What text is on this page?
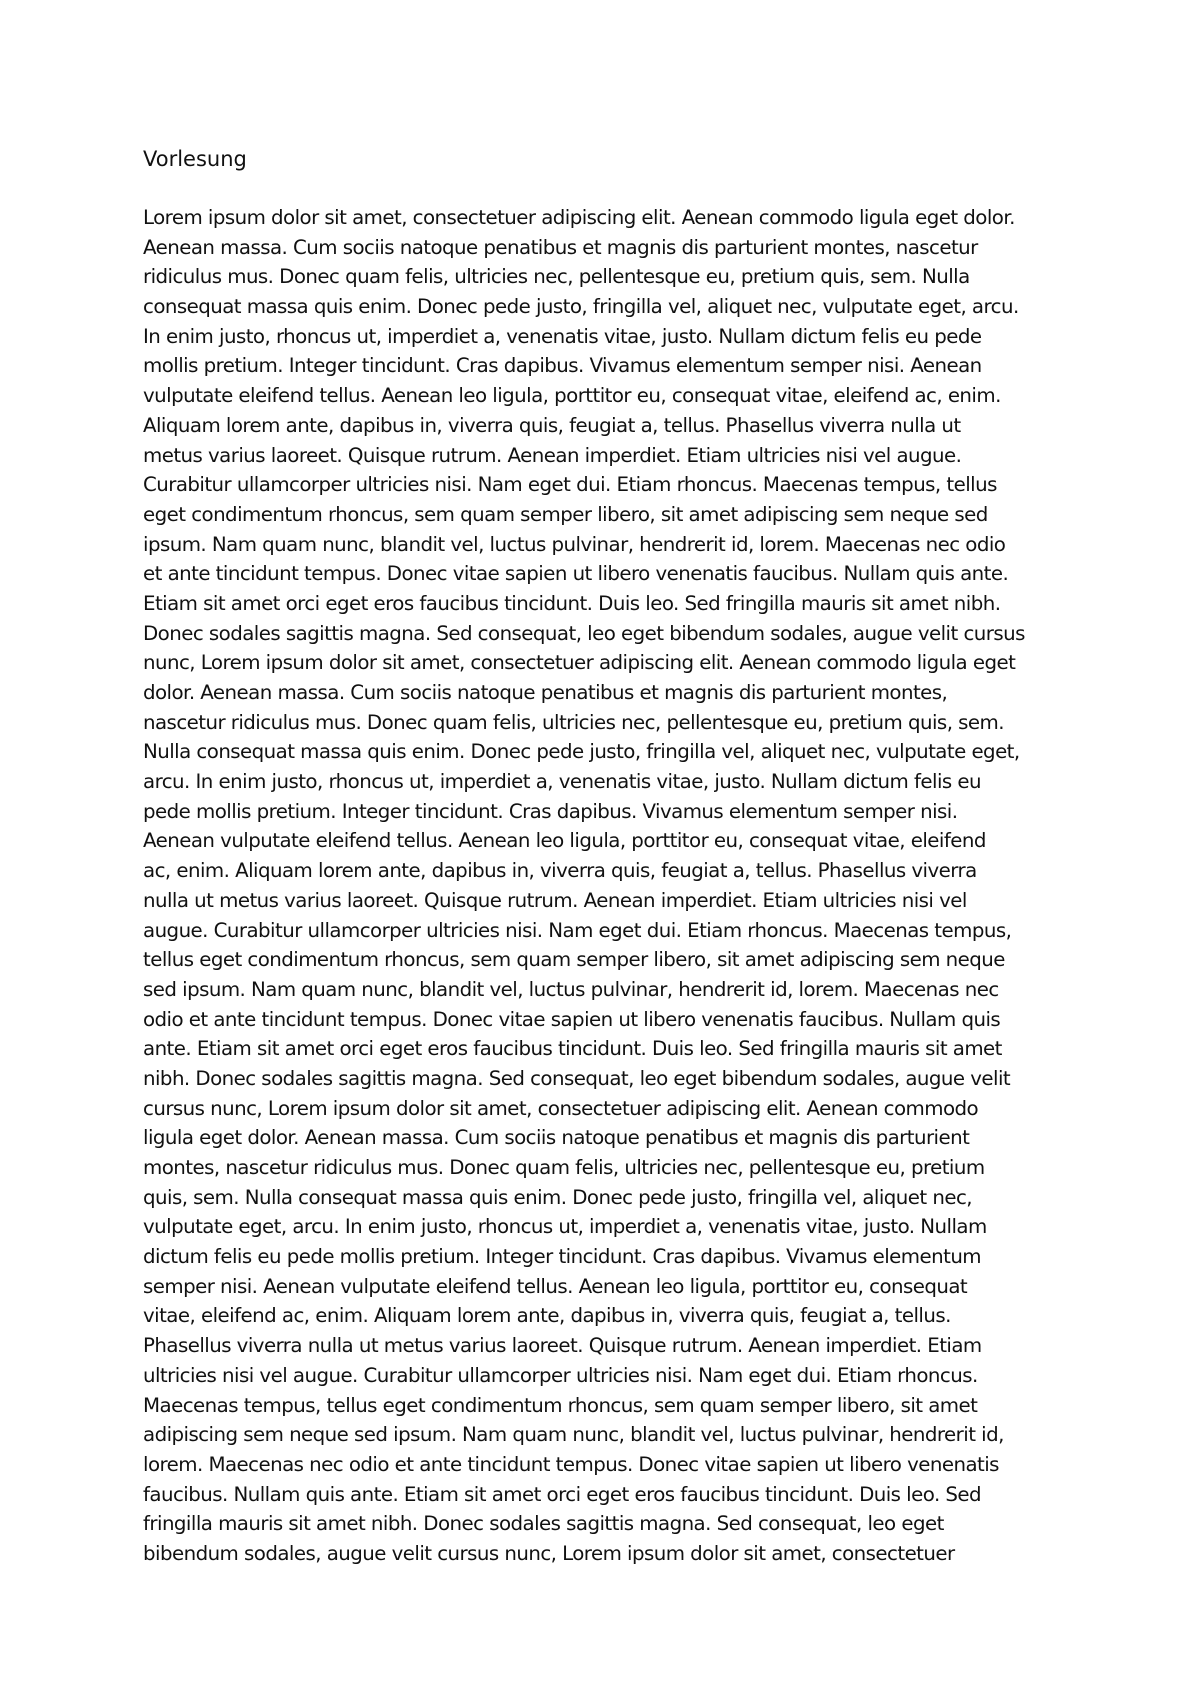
Vorlesung
Lorem ipsum dolor sit amet, consectetuer adipiscing elit. Aenean commodo ligula eget dolor.
Aenean massa. Cum sociis natoque penatibus et magnis dis parturient montes, nascetur
ridiculus mus. Donec quam felis, ultricies nec, pellentesque eu, pretium quis, sem. Nulla
consequat massa quis enim. Donec pede justo, fringilla vel, aliquet nec, vulputate eget, arcu.
In enim justo, rhoncus ut, imperdiet a, venenatis vitae, justo. Nullam dictum felis eu pede
mollis pretium. Integer tincidunt. Cras dapibus. Vivamus elementum semper nisi. Aenean
vulputate eleifend tellus. Aenean leo ligula, porttitor eu, consequat vitae, eleifend ac, enim.
Aliquam lorem ante, dapibus in, viverra quis, feugiat a, tellus. Phasellus viverra nulla ut
metus varius laoreet. Quisque rutrum. Aenean imperdiet. Etiam ultricies nisi vel augue.
Curabitur ullamcorper ultricies nisi. Nam eget dui. Etiam rhoncus. Maecenas tempus, tellus
eget condimentum rhoncus, sem quam semper libero, sit amet adipiscing sem neque sed
ipsum. Nam quam nunc, blandit vel, luctus pulvinar, hendrerit id, lorem. Maecenas nec odio
et ante tincidunt tempus. Donec vitae sapien ut libero venenatis faucibus. Nullam quis ante.
Etiam sit amet orci eget eros faucibus tincidunt. Duis leo. Sed fringilla mauris sit amet nibh.
Donec sodales sagittis magna. Sed consequat, leo eget bibendum sodales, augue velit cursus
nunc, Lorem ipsum dolor sit amet, consectetuer adipiscing elit. Aenean commodo ligula eget
dolor. Aenean massa. Cum sociis natoque penatibus et magnis dis parturient montes,
nascetur ridiculus mus. Donec quam felis, ultricies nec, pellentesque eu, pretium quis, sem.
Nulla consequat massa quis enim. Donec pede justo, fringilla vel, aliquet nec, vulputate eget,
arcu. In enim justo, rhoncus ut, imperdiet a, venenatis vitae, justo. Nullam dictum felis eu
pede mollis pretium. Integer tincidunt. Cras dapibus. Vivamus elementum semper nisi.
Aenean vulputate eleifend tellus. Aenean leo ligula, porttitor eu, consequat vitae, eleifend
ac, enim. Aliquam lorem ante, dapibus in, viverra quis, feugiat a, tellus. Phasellus viverra
nulla ut metus varius laoreet. Quisque rutrum. Aenean imperdiet. Etiam ultricies nisi vel
augue. Curabitur ullamcorper ultricies nisi. Nam eget dui. Etiam rhoncus. Maecenas tempus,
tellus eget condimentum rhoncus, sem quam semper libero, sit amet adipiscing sem neque
sed ipsum. Nam quam nunc, blandit vel, luctus pulvinar, hendrerit id, lorem. Maecenas nec
odio et ante tincidunt tempus. Donec vitae sapien ut libero venenatis faucibus. Nullam quis
ante. Etiam sit amet orci eget eros faucibus tincidunt. Duis leo. Sed fringilla mauris sit amet
nibh. Donec sodales sagittis magna. Sed consequat, leo eget bibendum sodales, augue velit
cursus nunc, Lorem ipsum dolor sit amet, consectetuer adipiscing elit. Aenean commodo
ligula eget dolor. Aenean massa. Cum sociis natoque penatibus et magnis dis parturient
montes, nascetur ridiculus mus. Donec quam felis, ultricies nec, pellentesque eu, pretium
quis, sem. Nulla consequat massa quis enim. Donec pede justo, fringilla vel, aliquet nec,
vulputate eget, arcu. In enim justo, rhoncus ut, imperdiet a, venenatis vitae, justo. Nullam
dictum felis eu pede mollis pretium. Integer tincidunt. Cras dapibus. Vivamus elementum
semper nisi. Aenean vulputate eleifend tellus. Aenean leo ligula, porttitor eu, consequat
vitae, eleifend ac, enim. Aliquam lorem ante, dapibus in, viverra quis, feugiat a, tellus.
Phasellus viverra nulla ut metus varius laoreet. Quisque rutrum. Aenean imperdiet. Etiam
ultricies nisi vel augue. Curabitur ullamcorper ultricies nisi. Nam eget dui. Etiam rhoncus.
Maecenas tempus, tellus eget condimentum rhoncus, sem quam semper libero, sit amet
adipiscing sem neque sed ipsum. Nam quam nunc, blandit vel, luctus pulvinar, hendrerit id,
lorem. Maecenas nec odio et ante tincidunt tempus. Donec vitae sapien ut libero venenatis
faucibus. Nullam quis ante. Etiam sit amet orci eget eros faucibus tincidunt. Duis leo. Sed
fringilla mauris sit amet nibh. Donec sodales sagittis magna. Sed consequat, leo eget
bibendum sodales, augue velit cursus nunc, Lorem ipsum dolor sit amet, consectetuer
